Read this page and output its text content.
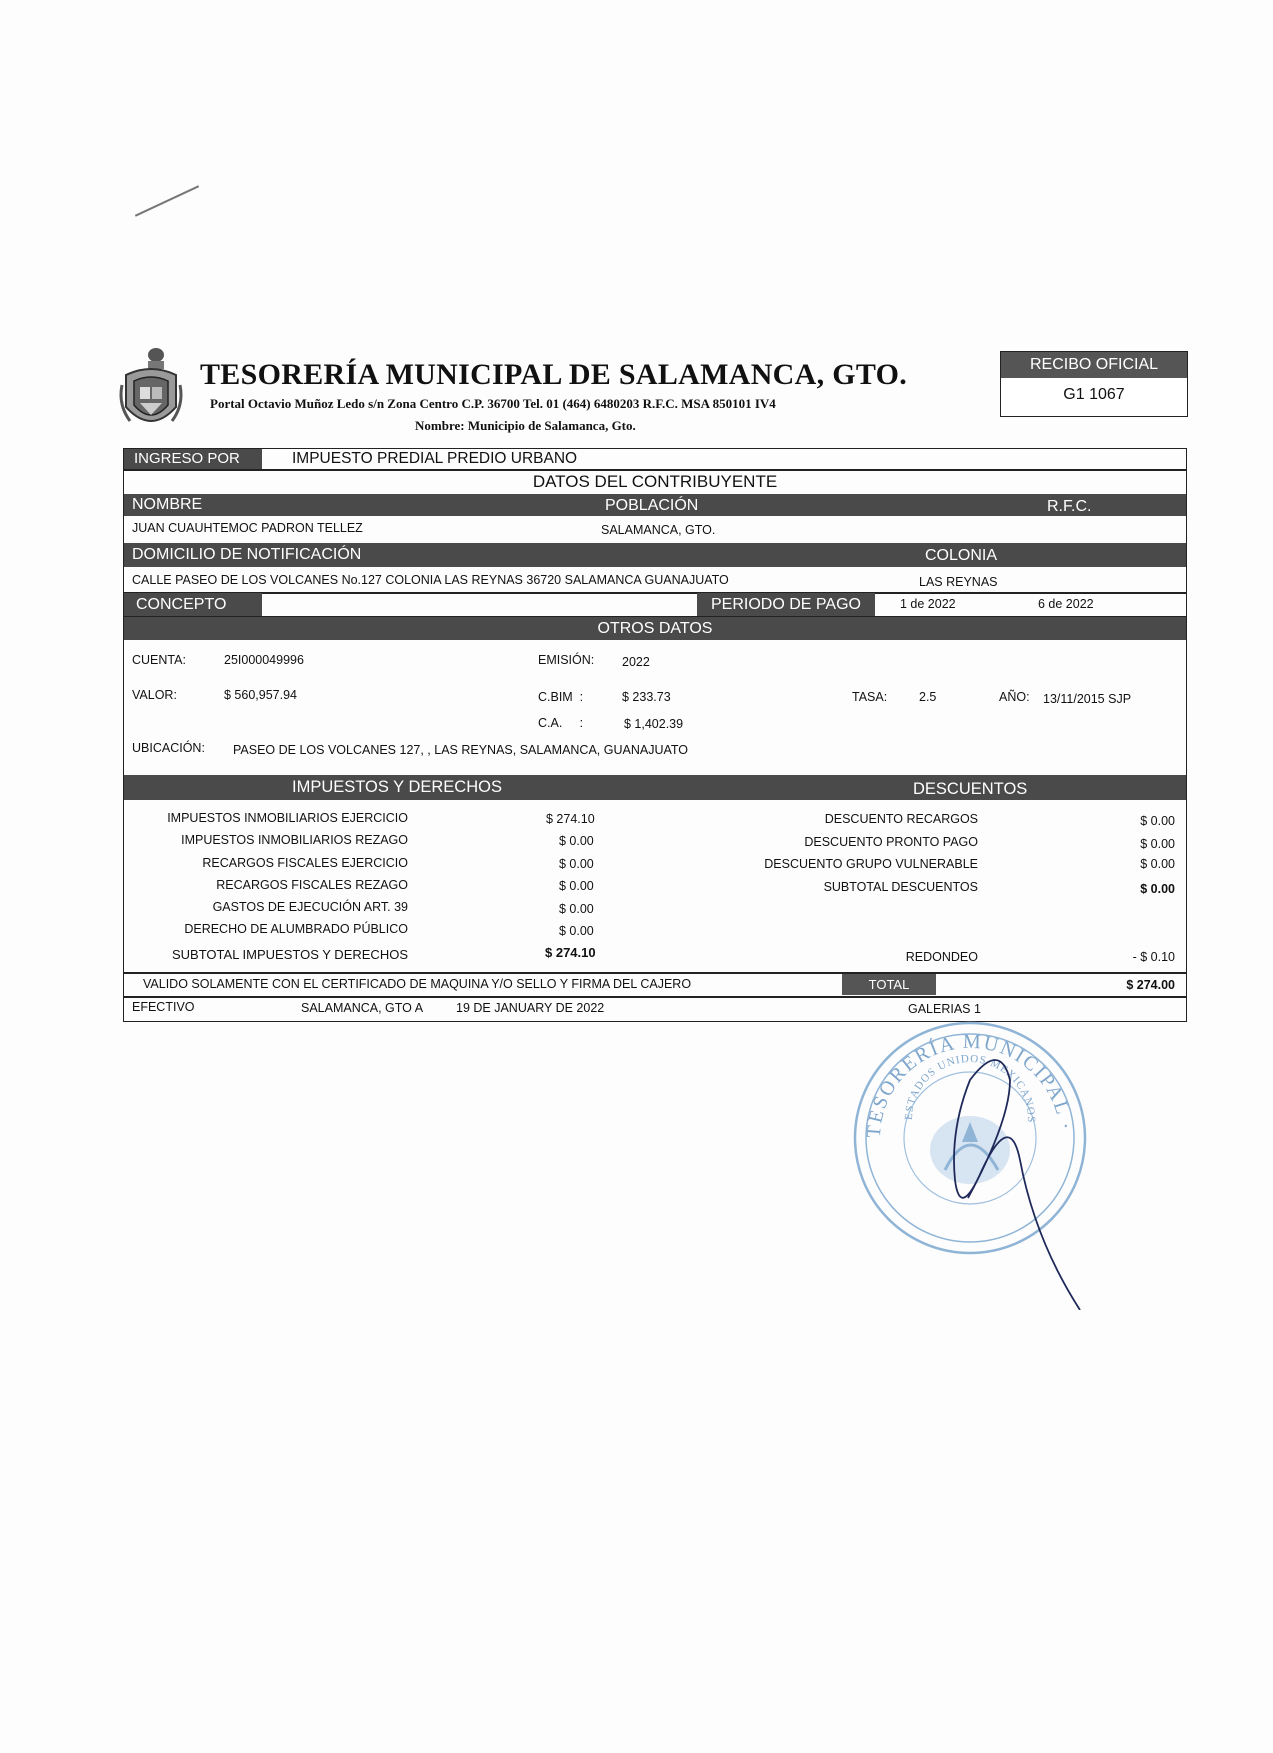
TESORERÍA MUNICIPAL DE SALAMANCA, GTO.
Portal Octavio Muñoz Ledo s/n Zona Centro C.P. 36700 Tel. 01 (464) 6480203 R.F.C. MSA 850101 IV4
Nombre: Municipio de Salamanca, Gto.
RECIBO OFICIAL
G1 1067
INGRESO POR	IMPUESTO PREDIAL PREDIO URBANO
DATOS DEL CONTRIBUYENTE
NOMBRE	POBLACIÓN	R.F.C.
JUAN CUAUHTEMOC PADRON TELLEZ	SALAMANCA, GTO.
DOMICILIO DE NOTIFICACIÓN	COLONIA
CALLE PASEO DE LOS VOLCANES No.127 COLONIA LAS REYNAS 36720 SALAMANCA GUANAJUATO	LAS REYNAS
CONCEPTO	PERIODO DE PAGO	1 de 2022	6 de 2022
OTROS DATOS
CUENTA:	25I000049996	EMISIÓN: 2022
VALOR:	$ 560,957.94	C.BIM  :	$ 233.73	TASA:	2.5	AÑO: 13/11/2015 SJP
C.A.     :	$ 1,402.39
UBICACIÓN: PASEO DE LOS VOLCANES 127, , LAS REYNAS, SALAMANCA, GUANAJUATO
IMPUESTOS Y DERECHOS	DESCUENTOS
IMPUESTOS INMOBILIARIOS EJERCICIO	$ 274.10
IMPUESTOS INMOBILIARIOS REZAGO	$ 0.00
RECARGOS FISCALES EJERCICIO	$ 0.00
RECARGOS FISCALES REZAGO	$ 0.00
GASTOS DE EJECUCIÓN ART. 39	$ 0.00
DERECHO DE ALUMBRADO PÚBLICO	$ 0.00
SUBTOTAL IMPUESTOS Y DERECHOS	$ 274.10
DESCUENTO RECARGOS	$ 0.00
DESCUENTO PRONTO PAGO	$ 0.00
DESCUENTO GRUPO VULNERABLE	$ 0.00
SUBTOTAL DESCUENTOS	$ 0.00
REDONDEO	- $ 0.10
VALIDO SOLAMENTE CON EL CERTIFICADO DE MAQUINA Y/O SELLO Y FIRMA DEL CAJERO	TOTAL	$ 274.00
EFECTIVO	SALAMANCA, GTO A	19 DE JANUARY DE 2022	GALERIAS 1
TESORERÍA MUNICIPAL ·
ESTADOS UNIDOS MEXICANOS
